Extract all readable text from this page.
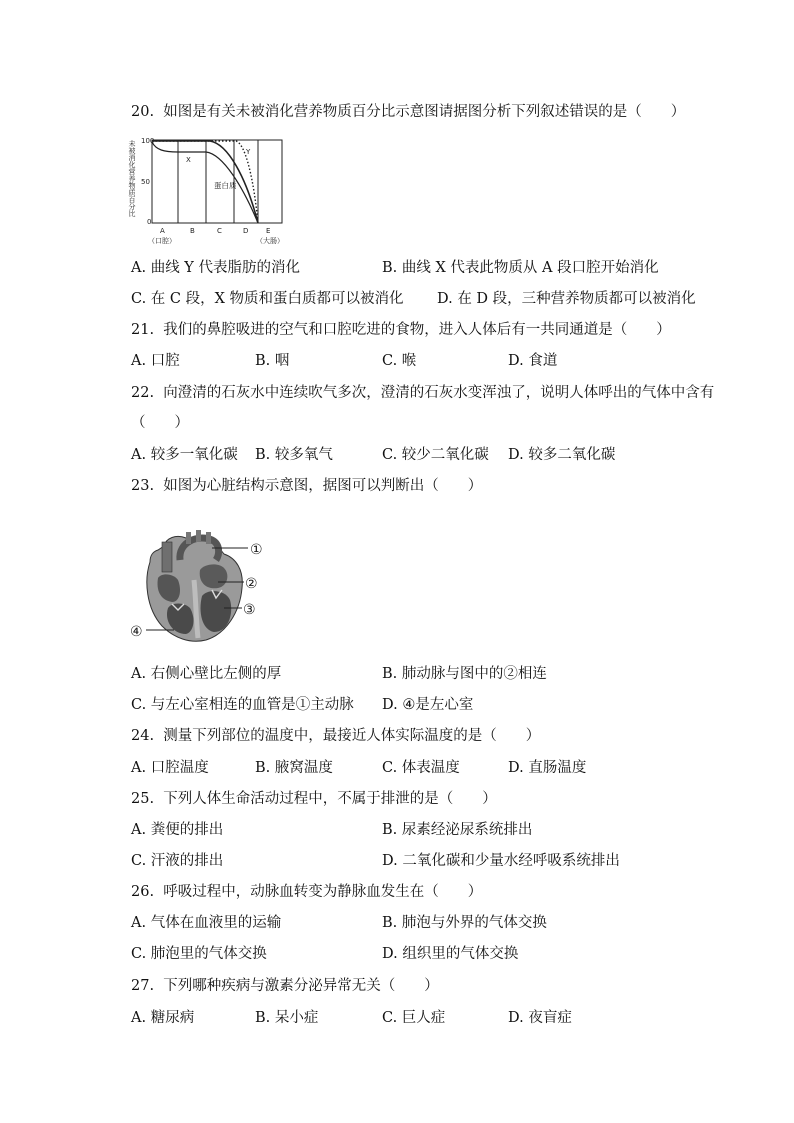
20.  如图是有关未被消化营养物质百分比示意图请据图分析下列叙述错误的是（　　）
未被消化营养物质百分比 100
50
0
X
Y
蛋白质
A	B	C	D	E
（口腔）	（大肠）
A. 曲线 Y 代表脂肪的消化	B. 曲线 X 代表此物质从 A 段口腔开始消化
C. 在 C 段，X 物质和蛋白质都可以被消化 D. 在 D 段，三种营养物质都可以被消化
21.  我们的鼻腔吸进的空气和口腔吃进的食物，进入人体后有一共同通道是（　　）
A. 口腔	B. 咽	C. 喉	D. 食道
22.  向澄清的石灰水中连续吹气多次，澄清的石灰水变浑浊了，说明人体呼出的气体中含有
（　　）
A. 较多一氧化碳 B. 较多氧气	C. 较少二氧化碳 D. 较多二氧化碳
23.  如图为心脏结构示意图，据图可以判断出（　　）
①
②
③
④
A. 右侧心壁比左侧的厚	B. 肺动脉与图中的②相连
C. 与左心室相连的血管是①主动脉 D. ④是左心室
24.  测量下列部位的温度中，最接近人体实际温度的是（　　）
A. 口腔温度	B. 腋窝温度	C. 体表温度	D. 直肠温度
25.  下列人体生命活动过程中，不属于排泄的是（　　）
A. 粪便的排出	B. 尿素经泌尿系统排出
C. 汗液的排出	D. 二氧化碳和少量水经呼吸系统排出
26.  呼吸过程中，动脉血转变为静脉血发生在（　　）
A. 气体在血液里的运输	B. 肺泡与外界的气体交换
C. 肺泡里的气体交换	D. 组织里的气体交换
27.  下列哪种疾病与激素分泌异常无关（　　）
A. 糖尿病	B. 呆小症	C. 巨人症	D. 夜盲症
